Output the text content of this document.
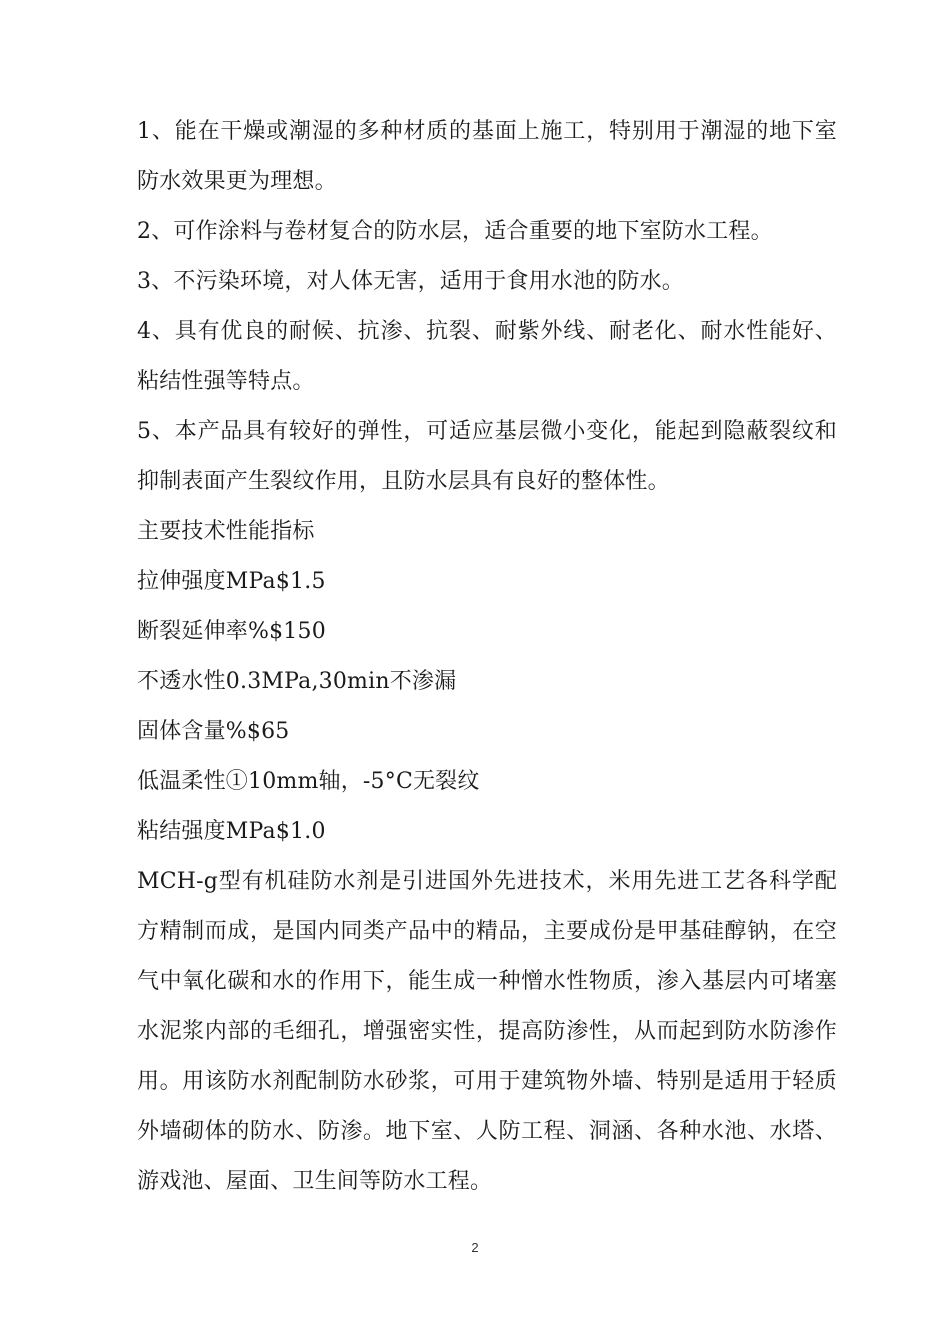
1、能在干燥或潮湿的多种材质的基面上施工，特别用于潮湿的地下室防水效果更为理想。

2、可作涂料与卷材复合的防水层，适合重要的地下室防水工程。

3、不污染环境，对人体无害，适用于食用水池的防水。

4、具有优良的耐候、抗渗、抗裂、耐紫外线、耐老化、耐水性能好、粘结性强等特点。

5、本产品具有较好的弹性，可适应基层微小变化，能起到隐蔽裂纹和抑制表面产生裂纹作用，且防水层具有良好的整体性。

主要技术性能指标

拉伸强度MPa$1.5

断裂延伸率%$150

不透水性0.3MPa,30min不渗漏

固体含量%$65

低温柔性①10mm轴，-5°C无裂纹

粘结强度MPa$1.0

MCH-g型有机硅防水剂是引进国外先进技术，米用先进工艺各科学配方精制而成，是国内同类产品中的精品，主要成份是甲基硅醇钠，在空气中氧化碳和水的作用下，能生成一种憎水性物质，渗入基层内可堵塞水泥浆内部的毛细孔，增强密实性，提高防渗性，从而起到防水防渗作用。用该防水剂配制防水砂浆，可用于建筑物外墙、特别是适用于轻质外墙砌体的防水、防渗。地下室、人防工程、洞涵、各种水池、水塔、游戏池、屋面、卫生间等防水工程。

2
